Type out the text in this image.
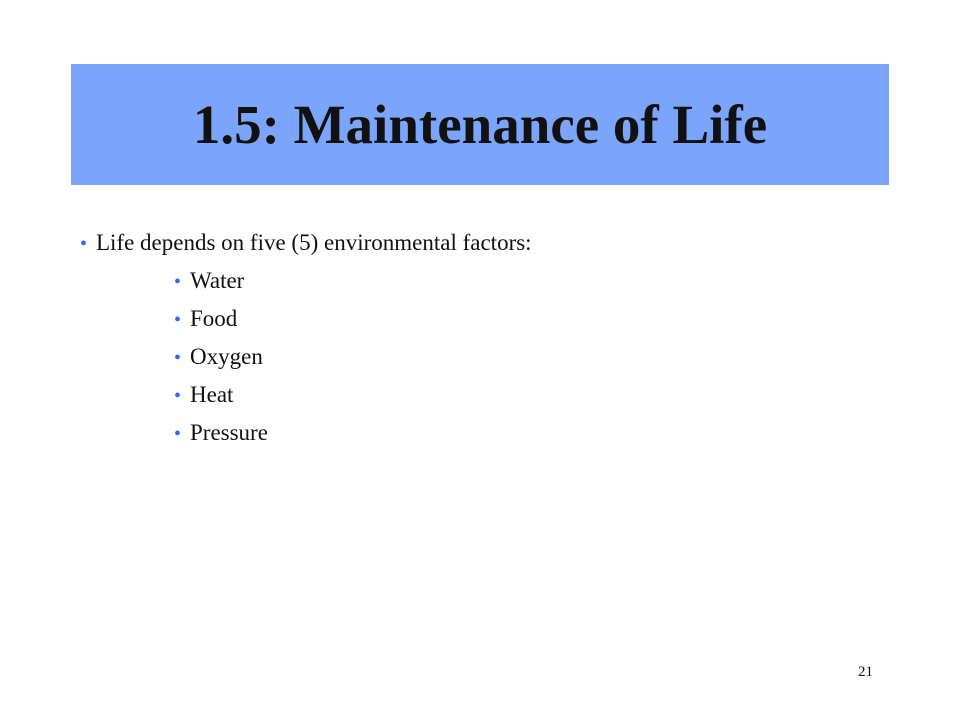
1.5: Maintenance of Life
• Life depends on five (5) environmental factors:
• Water
• Food
• Oxygen
• Heat
• Pressure
21
